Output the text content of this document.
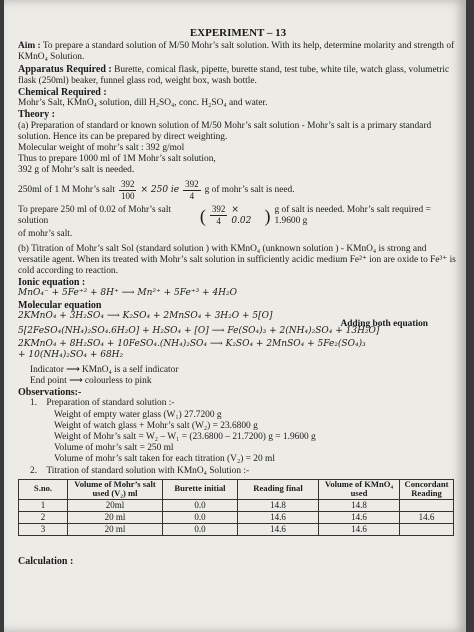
EXPERIMENT – 13

Aim : To prepare a standard solution of M/50 Mohr’s salt solution. With its help, determine molarity and strength of KMnO₄ Solution.

Apparatus Required : Burette, comical flask, pipette, burette stand, test tube, white tile, watch glass, volumetric flask (250ml) beaker, funnel glass rod, weight box, wash bottle.

Chemical Required :

Mohr’s Salt, KMnO₄ solution, dill H₂SO₄, conc. H₂SO₄ and water.

Theory :

(a) Preparation of standard or known solution of M/50 Mohr’s salt solution - Mohr’s salt is a primary standard solution. Hence its can be prepared by direct weighting.

Molecular weight of mohr’s salt : 392 g/mol

Thus to prepare 1000 ml of 1M Mohr’s salt solution,

392 g of Mohr’s salt is needed.

250ml of 1 M Mohr’s salt $\frac{392}{100} \times 250$ ie $\frac{392}{4}$ g of mohr’s salt is need.
To prepare 250 ml of 0.02 of Mohr’s salt solution	( $\frac{392}{4} \times 0.02$ ) g of salt is needed. Mohr’s salt required = 1.9600 g

of mohr’s salt.

(b) Titration of Mohr’s salt Sol (standard solution ) with KMnO₄ (unknown solution ) - KMnO₄ is strong and versatile agent. When its treated with Mohr’s salt solution in sufficiently acidic medium Fe²⁺ ion are oxide to Fe³⁺ is cold according to reaction.

Ionic equation :

MnO₄⁻ + 5Fe⁺² + 8H⁺ ⟶ Mn²⁺ + 5Fe⁺³ + 4H₂O

Molecular equation

2KMnO₄ + 3H₂SO₄ ⟶ K₂SO₄ + 2MnSO₄ + 3H₂O + 5[O]

Adding both equation

5[2FeSO₄(NH₄)₂SO₄.6H₂O] + H₂SO₄ + [O] ⟶ Fe(SO₄)₃ + 2(NH₄)₂SO₄ + 13H₂O]

2KMnO₄ + 8H₂SO₄ + 10FeSO₄.(NH₄)₂SO₄ ⟶ K₂SO₄ + 2MnSO₄ + 5Fe₂(SO₄)₃

+ 10(NH₄)₂SO₄ + 68H₂

Indicator ⟶ KMnO₄ is a self indicator

End point ⟶ colourless to pink

Observations:-

1. Preparation of standard solution :-

Weight of empty water glass (W₁) 27.7200 g

Weight of watch glass + Mohr’s salt (W₂) = 23.6800 g

Weight of Mohr’s salt = W₂ – W₁ = (23.6800 – 21.7200) g = 1.9600 g

Volume of mohr’s salt = 250 ml

Volume of mohr’s salt taken for each titration (V₂) = 20 ml

2. Titration of standard solution with KMnO₄ Solution :-

S.no.	Volume of Mohr’s salt used (V₂) ml	Burette initial	Reading final	Volume of KMnO₄ used	Concordant Reading
1	20ml	0.0	14.8	14.8	
2	20 ml	0.0	14.6	14.6	14.6
3	20 ml	0.0	14.6	14.6	
Calculation :
